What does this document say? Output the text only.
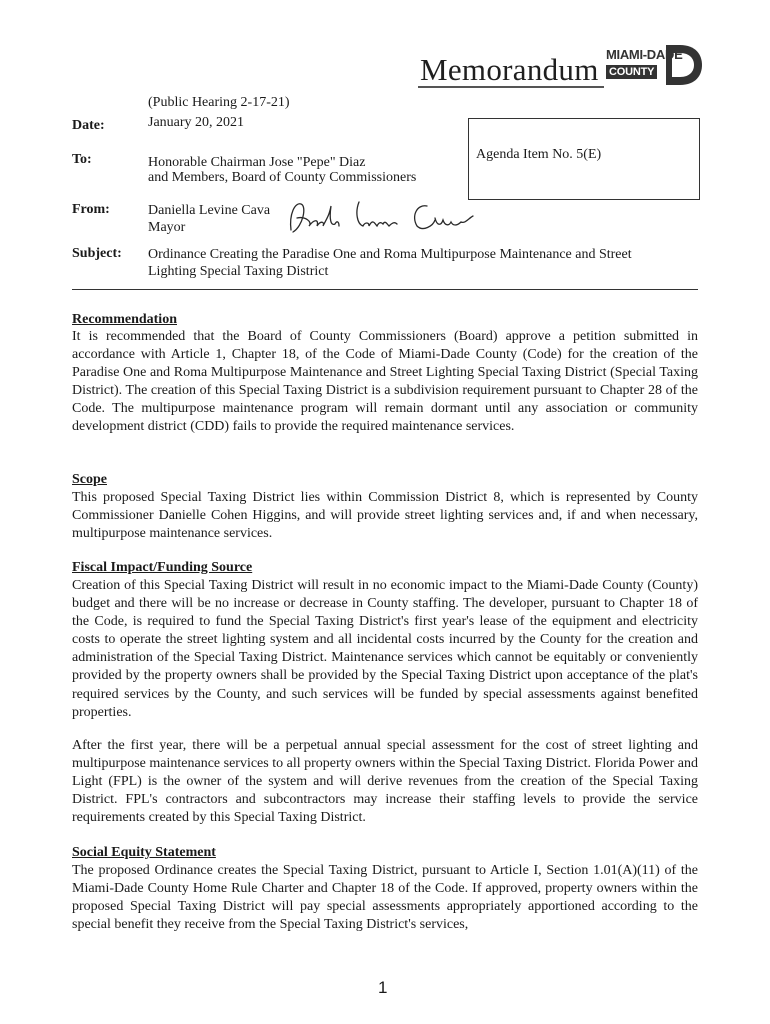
Memorandum MIAMI-DADE
COUNTY
(Public Hearing 2-17-21)
Date:	January 20, 2021
Agenda Item No. 5(E)
To:	Honorable Chairman Jose "Pepe" Diaz
and Members, Board of County Commissioners
From:	Daniella Levine Cava
Mayor
Subject: Ordinance Creating the Paradise One and Roma Multipurpose Maintenance and Street
Lighting Special Taxing District
Recommendation

It is recommended that the Board of County Commissioners (Board) approve a petition submitted in accordance with Article 1, Chapter 18, of the Code of Miami-Dade County (Code) for the creation of the Paradise One and Roma Multipurpose Maintenance and Street Lighting Special Taxing District (Special Taxing District). The creation of this Special Taxing District is a subdivision requirement pursuant to Chapter 28 of the Code. The multipurpose maintenance program will remain dormant until any association or community development district (CDD) fails to provide the required maintenance services.

Scope

This proposed Special Taxing District lies within Commission District 8, which is represented by County Commissioner Danielle Cohen Higgins, and will provide street lighting services and, if and when necessary, multipurpose maintenance services.

Fiscal Impact/Funding Source

Creation of this Special Taxing District will result in no economic impact to the Miami-Dade County (County) budget and there will be no increase or decrease in County staffing. The developer, pursuant to Chapter 18 of the Code, is required to fund the Special Taxing District's first year's lease of the equipment and electricity costs to operate the street lighting system and all incidental costs incurred by the County for the creation and administration of the Special Taxing District. Maintenance services which cannot be equitably or conveniently provided by the property owners shall be provided by the Special Taxing District upon acceptance of the plat's required services by the County, and such services will be funded by special assessments against benefited properties.

After the first year, there will be a perpetual annual special assessment for the cost of street lighting and multipurpose maintenance services to all property owners within the Special Taxing District. Florida Power and Light (FPL) is the owner of the system and will derive revenues from the creation of the Special Taxing District. FPL's contractors and subcontractors may increase their staffing levels to provide the service requirements created by this Special Taxing District.

Social Equity Statement

The proposed Ordinance creates the Special Taxing District, pursuant to Article I, Section 1.01(A)(11) of the Miami-Dade County Home Rule Charter and Chapter 18 of the Code. If approved, property owners within the proposed Special Taxing District will pay special assessments appropriately apportioned according to the special benefit they receive from the Special Taxing District's services,

1
